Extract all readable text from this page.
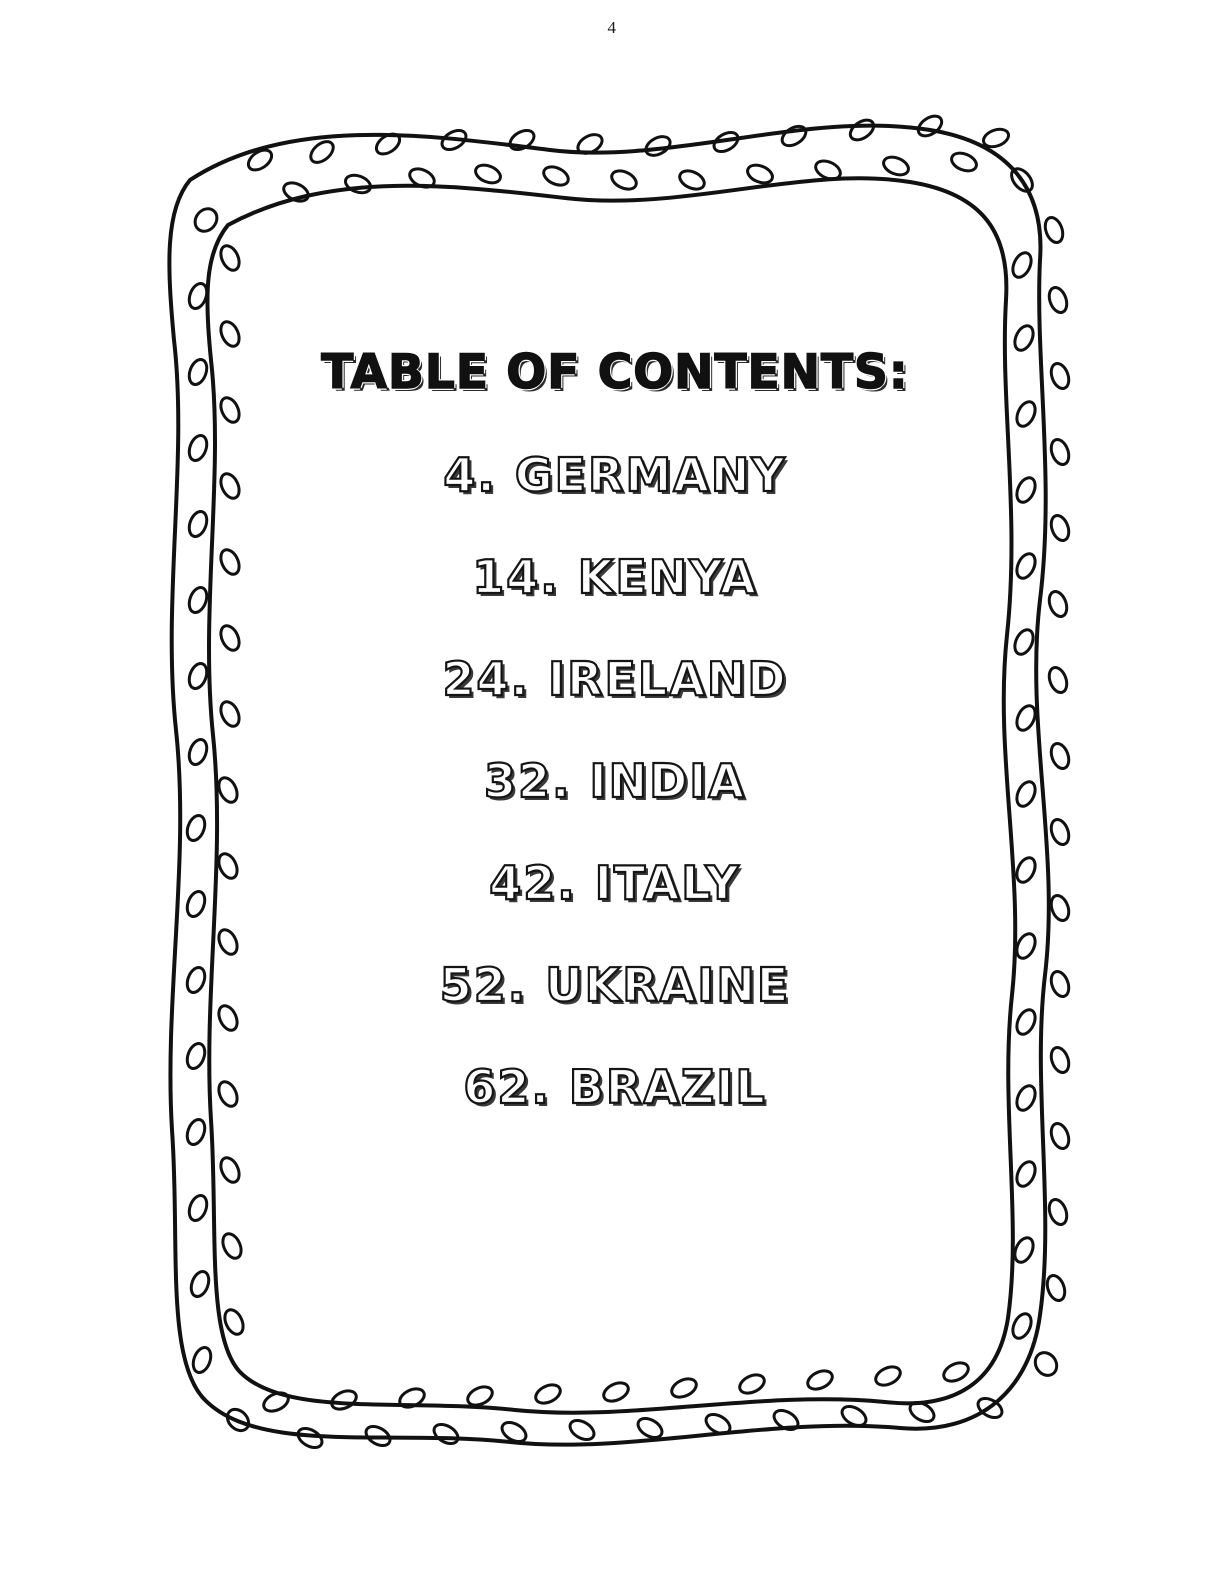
4
TABLE OF CONTENTS:
4. GERMANY
14. KENYA
24. IRELAND
32. INDIA
42. ITALY
52. UKRAINE
62. BRAZIL
